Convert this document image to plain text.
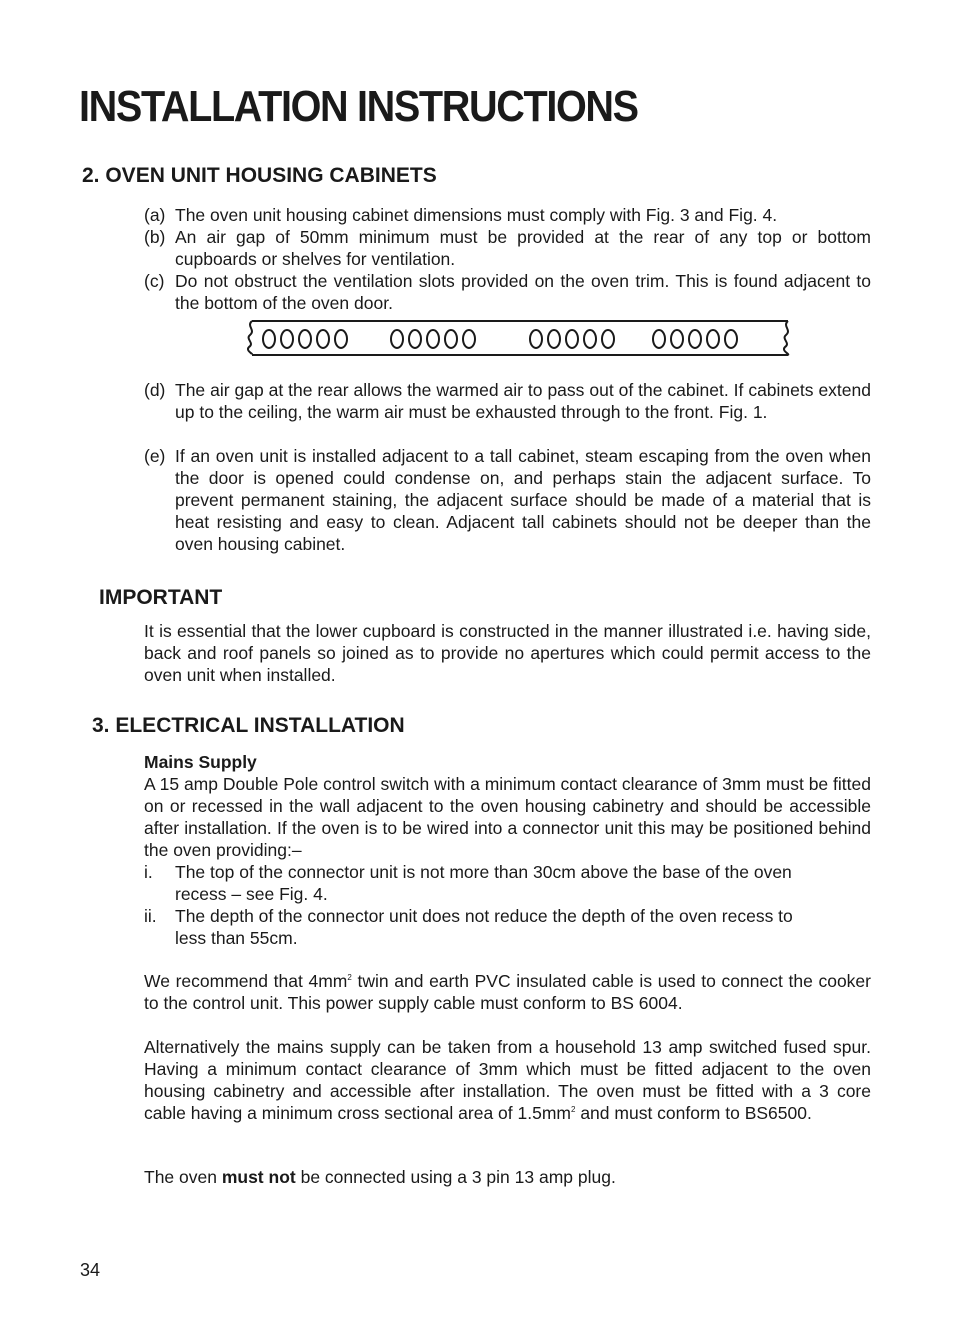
INSTALLATION INSTRUCTIONS
2. OVEN UNIT HOUSING CABINETS
(a) The oven unit housing cabinet dimensions must comply with Fig. 3 and Fig. 4.
(b) An air gap of 50mm minimum must be provided at the rear of any top or bottom cupboards or shelves for ventilation.
(c) Do not obstruct the ventilation slots provided on the oven trim. This is found adjacent to the bottom of the oven door.
(d) The air gap at the rear allows the warmed air to pass out of the cabinet. If cabinets extend up to the ceiling, the warm air must be exhausted through to the front. Fig. 1.
(e) If an oven unit is installed adjacent to a tall cabinet, steam escaping from the oven when the door is opened could condense on, and perhaps stain the adjacent surface. To prevent permanent staining, the adjacent surface should be made of a material that is heat resisting and easy to clean. Adjacent tall cabinets should not be deeper than the oven housing cabinet.
IMPORTANT

It is essential that the lower cupboard is constructed in the manner illustrated i.e. having side, back and roof panels so joined as to provide no apertures which could permit access to the oven unit when installed.

3. ELECTRICAL INSTALLATION
Mains Supply

A 15 amp Double Pole control switch with a minimum contact clearance of 3mm must be fitted on or recessed in the wall adjacent to the oven housing cabinetry and should be accessible after installation. If the oven is to be wired into a connector unit this may be positioned behind the oven providing:–

i. The top of the connector unit is not more than 30cm above the base of the oven recess – see Fig. 4.
ii. The depth of the connector unit does not reduce the depth of the oven recess to less than 55cm.

We recommend that $4mm^2$ twin and earth PVC insulated cable is used to connect the cooker to the control unit. This power supply cable must conform to BS 6004.

Alternatively the mains supply can be taken from a household 13 amp switched fused spur. Having a minimum contact clearance of 3mm which must be fitted adjacent to the oven housing cabinetry and accessible after installation. The oven must be fitted with a 3 core cable having a minimum cross sectional area of $1.5mm^2$ and must conform to BS6500.

The oven must not be connected using a 3 pin 13 amp plug.

34
